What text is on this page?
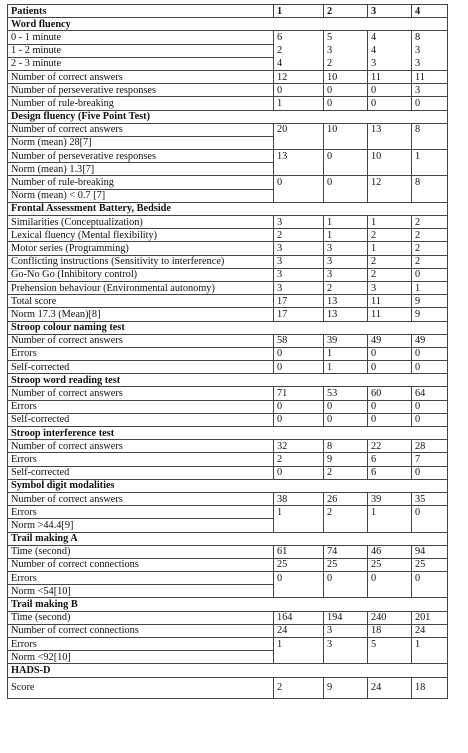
Patients	1	2	3	4
Word fluency				
0 - 1 minute	6	5	4	8
1 - 2 minute	2	3	4	3
2 - 3 minute	4	2	3	3
Number of correct answers	12	10	11	11
Number of perseverative responses	0	0	0	3
Number of rule-breaking	1	0	0	0
Design fluency (Five Point Test)				
Number of correct answers	20	10	13	8
Norm (mean) 28[7]				
Number of perseverative responses	13	0	10	1
Norm (mean) 1.3[7]				
Number of rule-breaking	0	0	12	8
Norm (mean) < 0.7 [7]				
Frontal Assessment Battery, Bedside				
Similarities (Conceptualization)	3	1	1	2
Lexical fluency (Mental flexibility)	2	1	2	2
Motor series (Programming)	3	3	1	2
Conflicting instructions (Sensitivity to interference)	3	3	2	2
Go-No Go (Inhibitory control)	3	3	2	0
Prehension behaviour (Environmental autonomy)	3	2	3	1
Total score	17	13	11	9
Norm 17.3 (Mean)[8]	17	13	11	9
Stroop colour naming test				
Number of correct answers	58	39	49	49
Errors	0	1	0	0
Self-corrected	0	1	0	0
Stroop word reading test				
Number of correct answers	71	53	60	64
Errors	0	0	0	0
Self-corrected	0	0	0	0
Stroop interference test				
Number of correct answers	32	8	22	28
Errors	2	9	6	7
Self-corrected	0	2	6	0
Symbol digit modalities				
Number of correct answers	38	26	39	35
Errors	1	2	1	0
Norm >44.4[9]				
Trail making A				
Time (second)	61	74	46	94
Number of correct connections	25	25	25	25
Errors	0	0	0	0
Norm <54[10]				
Trail making B				
Time (second)	164	194	240	201
Number of correct connections	24	3	18	24
Errors	1	3	5	1
Norm <92[10]				
HADS-D				
Score	2	9	24	18
